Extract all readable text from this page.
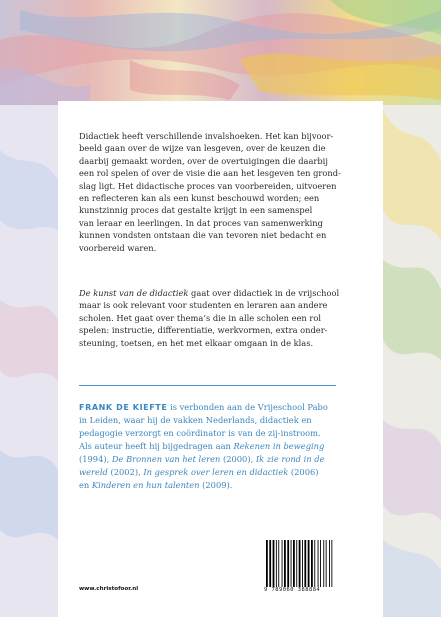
Didactiek heeft verschillende invalshoeken. Het kan bijvoor-

beeld gaan over de wijze van lesgeven, over de keuzen die

daarbij gemaakt worden, over de overtuigingen die daarbij

een rol spelen of over de visie die aan het lesgeven ten grond-

slag ligt. Het didactische proces van voorbereiden, uitvoeren

en reflecteren kan als een kunst beschouwd worden; een

kunstzinnig proces dat gestalte krijgt in een samenspel

van leraar en leerlingen. In dat proces van samenwerking

kunnen vondsten ontstaan die van tevoren niet bedacht en

voorbereid waren.

De kunst van de didactiek gaat over didactiek in de vrijschool

maar is ook relevant voor studenten en leraren aan andere

scholen. Het gaat over thema’s die in alle scholen een rol

spelen: instructie, differentiatie, werkvormen, extra onder-

steuning, toetsen, en het met elkaar omgaan in de klas.

FRANK DE KIEFTE is verbonden aan de Vrijeschool Pabo

in Leiden, waar hij de vakken Nederlands, didactiek en

pedagogie verzorgt en coördinator is van de zij-instroom.

Als auteur heeft hij bijgedragen aan Rekenen in beweging

(1994), De Bronnen van het leren (2000), Ik zie rond in de

wereld (2002), In gesprek over leren en didactiek (2006)

en Kinderen en hun talenten (2009).

www.christofoor.nl	9 789060 388884
